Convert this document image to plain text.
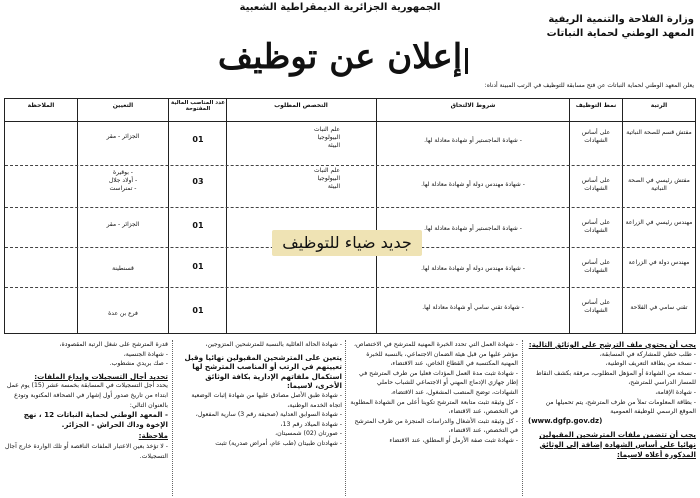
الجمهورية الجزائرية الديمقراطية الشعبية
وزارة الفلاحة والتنمية الريفية
المعهد الوطني لحماية النباتات
إعلان عن توظيف
يعلن المعهد الوطني لحماية النباتات عن فتح مسابقة للتوظيف في الرتب المبينة أدناه:
الرتبة
نمط التوظيف
شروط الالتحاق
التخصص المطلوب
عدد المناصب المالية المفتوحة
التعيين
الملاحظة
مفتش قسم للصحة النباتية
على أساس الشهادات
- شهادة الماجستير أو شهادة معادلة لها.
علم النبات
البيولوجيا
البيئة
01
الجزائر - مقر
مفتش رئيسي في الصحة النباتية
على أساس الشهادات
- شهادة مهندس دولة أو شهادة معادلة لها.
علم النبات
البيولوجيا
البيئة
03
- بوقيرة
- أولاد جلال
- تمنراست
مهندس رئيسي في الزراعة
على أساس الشهادات
- شهادة الماجستير أو شهادة معادلة لها.
01
الجزائر - مقر
مهندس دولة في الزراعة
على أساس الشهادات
- شهادة مهندس دولة أو شهادة معادلة لها.
01
قسنطينة
تقني سامي في الفلاحة
على أساس الشهادات
- شهادة تقني سامي أو شهادة معادلة لها.
01
فرع بن عدة
جديد ضياء للتوظيف

يجب أن يحتوي ملف الترشح على الوثائق التالية:

- طلب خطي للمشاركة في المسابقة،

- نسخة من بطاقة التعريف الوطنية،

- نسخة من الشهادة أو المؤهل المطلوب، مرفقة بكشف النقاط للمسار الدراسي للمترشح،

- شهادة الإقامة،

- بطاقة المعلومات تملأ من طرف المترشح، يتم تحميلها من الموقع الرسمي للوظيفة العمومية

(www.dgfp.gov.dz)

يجب أن تتضمن ملفات المترشحين المقبولين نهائيا على أساس الشهادة إضافة إلى الوثائق المذكورة أعلاه لاسيما:

- شهادة العمل التي تحدد الخبرة المهنية للمترشح في الاختصاص، مؤشر عليها من قبل هيئة الضمان الاجتماعي، بالنسبة للخبرة المهنية المكتسبة في القطاع الخاص، عند الاقتضاء،

- شهادة تثبت مدة العمل المؤدات فعليا من طرف المترشح في إطار جهازي الإدماج المهني أو الاجتماعي للشباب حاملي الشهادات، توضح المنصب المشغول، عند الاقتضاء،

- كل وثيقة تثبت متابعة المترشح تكوينا أعلى من الشهادة المطلوبة في التخصص، عند الاقتضاء،

- كل وثيقة تثبت الأشغال والدراسات المنجزة من طرف المترشح في التخصص، عند الاقتضاء،

- شهادة تثبت صفة الأرمل أو المطلق، عند الاقتضاء

- شهادة الحالة العائلية بالنسبة للمترشحين المتزوجين،

يتعين على المترشحين المقبولين نهائيا وقبل تعيينهم في الرتب أو المناصب المترشح لها استكمال ملفاتهم الإدارية بكافة الوثائق الأخرى، لاسيما:

- شهادة طبق الأصل مصادق عليها من شهادة إثبات الوضعية اتجاه الخدمة الوطنية،

- شهادة السوابق العدلية (صحيفة رقم 3) سارية المفعول،

- شهادة الميلاد رقم 13،

- صورتان (02) شمسيتان،

- شهادتان طبيتان (طب عام، أمراض صدرية) تثبت

قدرة المترشح على شغل الرتبة المقصودة،

- شهادة الجنسية،

- صك بريدي مشطوب.

تحديد أجال التسجيلات وإيداع الملفات:

يحدد أجل التسجيلات في المسابقة بخمسة عشر (15) يوم عمل ابتداء من تاريخ صدور أول إشهار في الصحافة المكتوبة وتودع بالعنوان التالي:

- المعهد الوطني لحماية النباتات 12 ، نهج الإخوة وداك الحراش - الجزائر.

ملاحظة:

- لا تؤخذ بعين الاعتبار الملفات الناقصة أو تلك الواردة خارج آجال التسجيلات.
